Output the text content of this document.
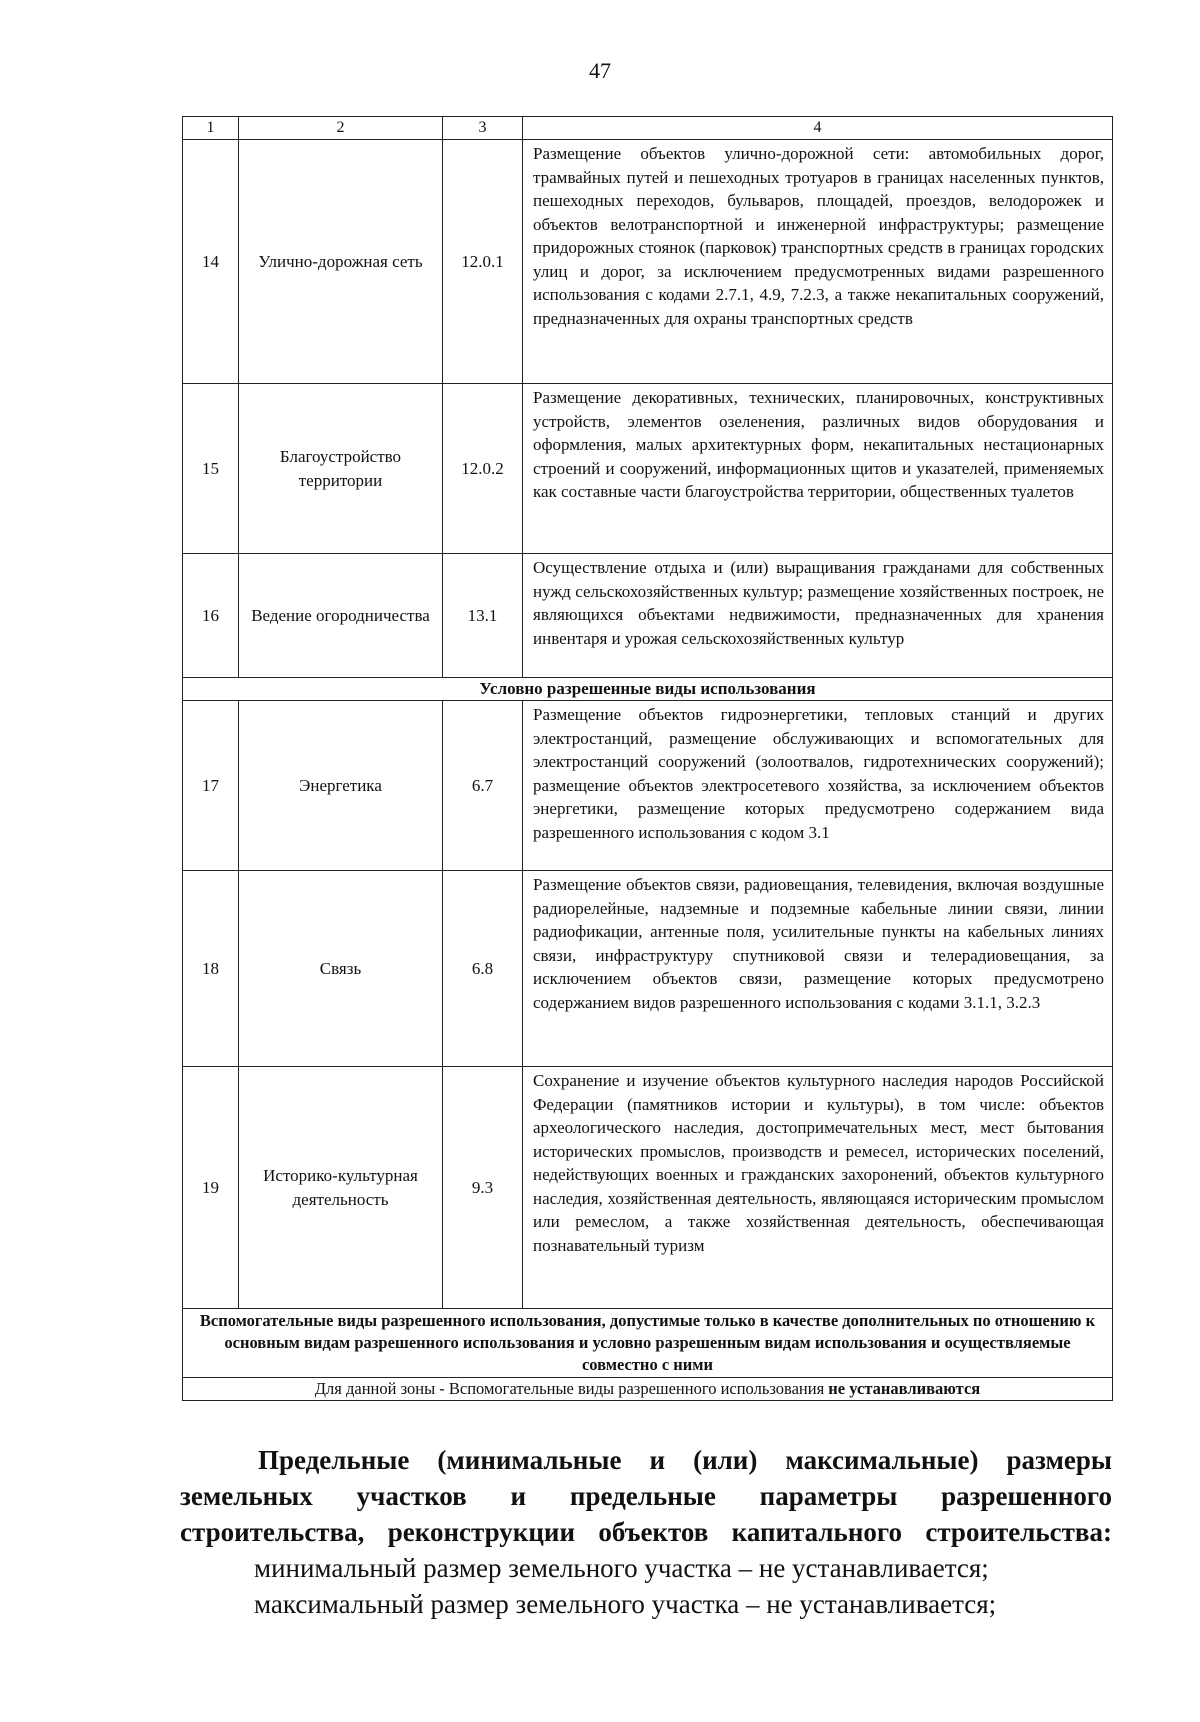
47
1	2	3	4
14	Улично-дорожная сеть	12.0.1	Размещение объектов улично-дорожной сети: автомобильных дорог, трамвайных путей и пешеходных тротуаров в границах населенных пунктов, пешеходных переходов, бульваров, площадей, проездов, велодорожек и объектов велотранспортной и инженерной инфраструктуры; размещение придорожных стоянок (парковок) транспортных средств в границах городских улиц и дорог, за исключением предусмотренных видами разрешенного использования с кодами 2.7.1, 4.9, 7.2.3, а также некапитальных сооружений, предназначенных для охраны транспортных средств
15	Благоустройство территории	12.0.2	Размещение декоративных, технических, планировочных, конструктивных устройств, элементов озеленения, различных видов оборудования и оформления, малых архитектурных форм, некапитальных нестационарных строений и сооружений, информационных щитов и указателей, применяемых как составные части благоустройства территории, общественных туалетов
16	Ведение огородничества	13.1	Осуществление отдыха и (или) выращивания гражданами для собственных нужд сельскохозяйственных культур; размещение хозяйственных построек, не являющихся объектами недвижимости, предназначенных для хранения инвентаря и урожая сельскохозяйственных культур
Условно разрешенные виды использования			
17	Энергетика	6.7	Размещение объектов гидроэнергетики, тепловых станций и других электростанций, размещение обслуживающих и вспомогательных для электростанций сооружений (золоотвалов, гидротехнических сооружений); размещение объектов электросетевого хозяйства, за исключением объектов энергетики, размещение которых предусмотрено содержанием вида разрешенного использования с кодом 3.1
18	Связь	6.8	Размещение объектов связи, радиовещания, телевидения, включая воздушные радиорелейные, надземные и подземные кабельные линии связи, линии радиофикации, антенные поля, усилительные пункты на кабельных линиях связи, инфраструктуру спутниковой связи и телерадиовещания, за исключением объектов связи, размещение которых предусмотрено содержанием видов разрешенного использования с кодами 3.1.1, 3.2.3
19	Историко-культурная деятельность	9.3	Сохранение и изучение объектов культурного наследия народов Российской Федерации (памятников истории и культуры), в том числе: объектов археологического наследия, достопримечательных мест, мест бытования исторических промыслов, производств и ремесел, исторических поселений, недействующих военных и гражданских захоронений, объектов культурного наследия, хозяйственная деятельность, являющаяся историческим промыслом или ремеслом, а также хозяйственная деятельность, обеспечивающая познавательный туризм
Вспомогательные виды разрешенного использования, допустимые только в качестве дополнительных по отношению к основным видам разрешенного использования и условно разрешенным видам использования и осуществляемые совместно с ними			
Для данной зоны - Вспомогательные виды разрешенного использования не устанавливаются			

Предельные (минимальные и (или) максимальные) размеры земельных участков и предельные параметры разрешенного строительства, реконструкции объектов капитального строительства:

минимальный размер земельного участка – не устанавливается;

максимальный размер земельного участка – не устанавливается;
